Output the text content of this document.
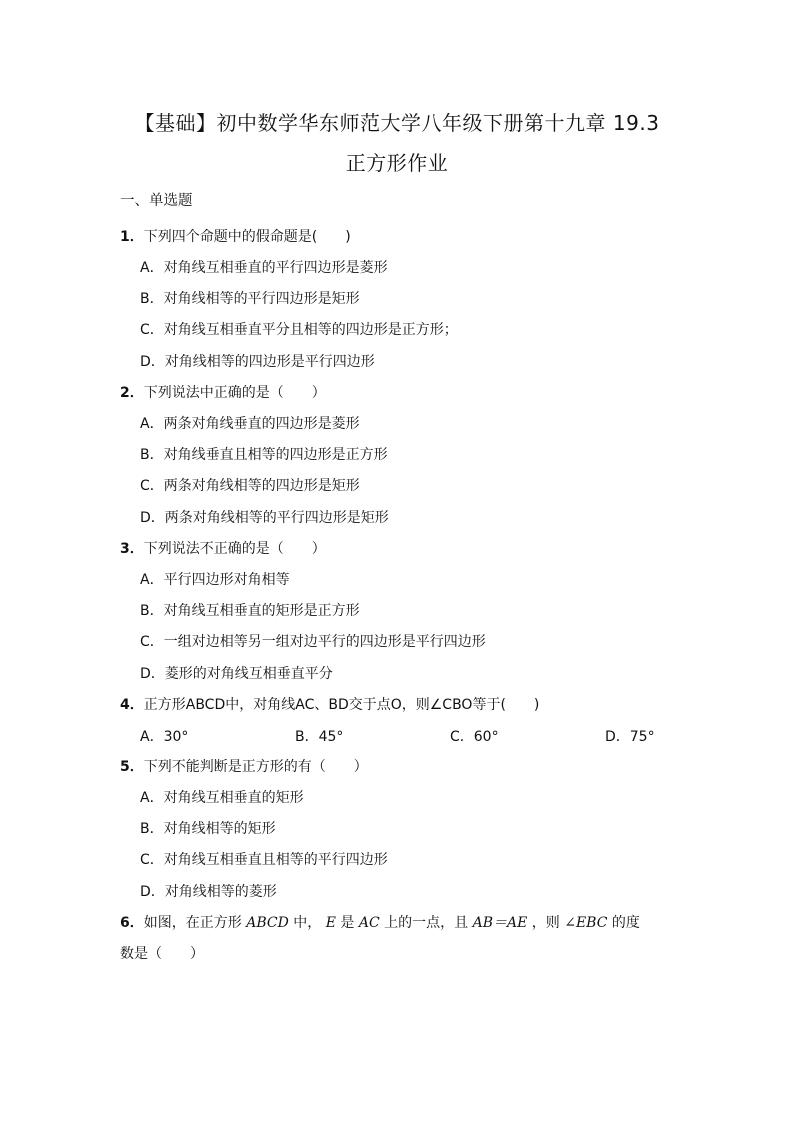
【基础】初中数学华东师范大学八年级下册第十九章 19.3
正方形作业
一、单选题
1．下列四个命题中的假命题是(　　)
A．对角线互相垂直的平行四边形是菱形
B．对角线相等的平行四边形是矩形
C．对角线互相垂直平分且相等的四边形是正方形；
D．对角线相等的四边形是平行四边形
2．下列说法中正确的是（　　）
A．两条对角线垂直的四边形是菱形
B．对角线垂直且相等的四边形是正方形
C．两条对角线相等的四边形是矩形
D．两条对角线相等的平行四边形是矩形
3．下列说法不正确的是（　　）
A．平行四边形对角相等
B．对角线互相垂直的矩形是正方形
C．一组对边相等另一组对边平行的四边形是平行四边形
D．菱形的对角线互相垂直平分
4．正方形ABCD中，对角线AC、BD交于点O，则∠CBO等于(　　)
A．30°	B．45°	C．60°	D．75°
5．下列不能判断是正方形的有（　　）
A．对角线互相垂直的矩形
B．对角线相等的矩形
C．对角线互相垂直且相等的平行四边形
D．对角线相等的菱形
6．如图，在正方形 ABCD 中， E 是 AC 上的一点，且 AB＝AE ，则 ∠EBC 的度
数是（　　）
